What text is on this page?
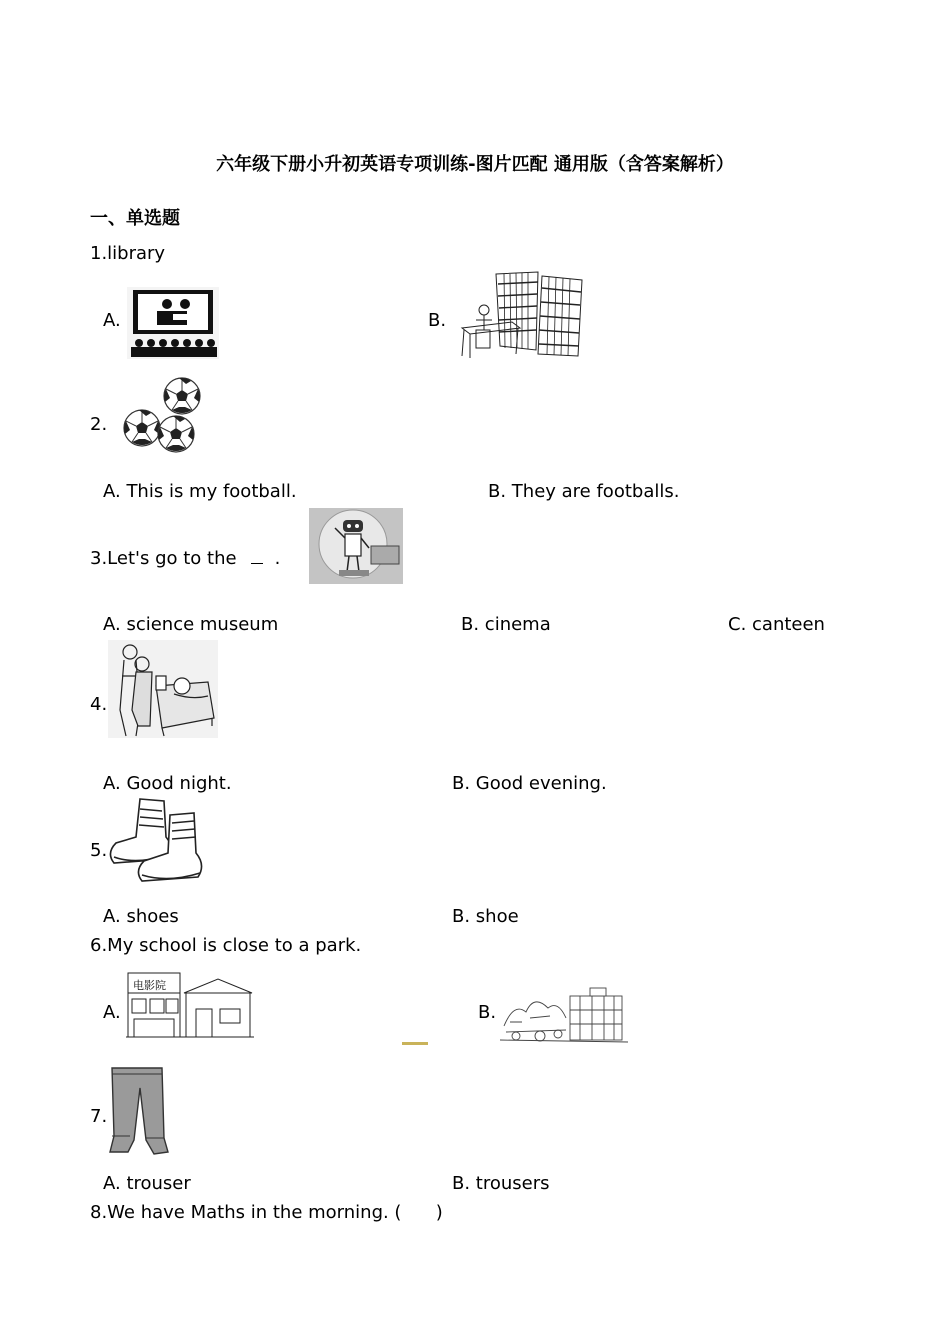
六年级下册小升初英语专项训练-图片匹配 通用版（含答案解析）
一、单选题
1.library
A.	B.
2.
A. This is my football.	B. They are footballs.
3.Let's go to the .
A. science museum	B. cinema	C. canteen
4.
A. Good night.	B. Good evening.
5.
A. shoes	B. shoe
6.My school is close to a park.
A.
电影院
B.
7.
A. trouser	B. trousers
8.We have Maths in the morning. (      )
